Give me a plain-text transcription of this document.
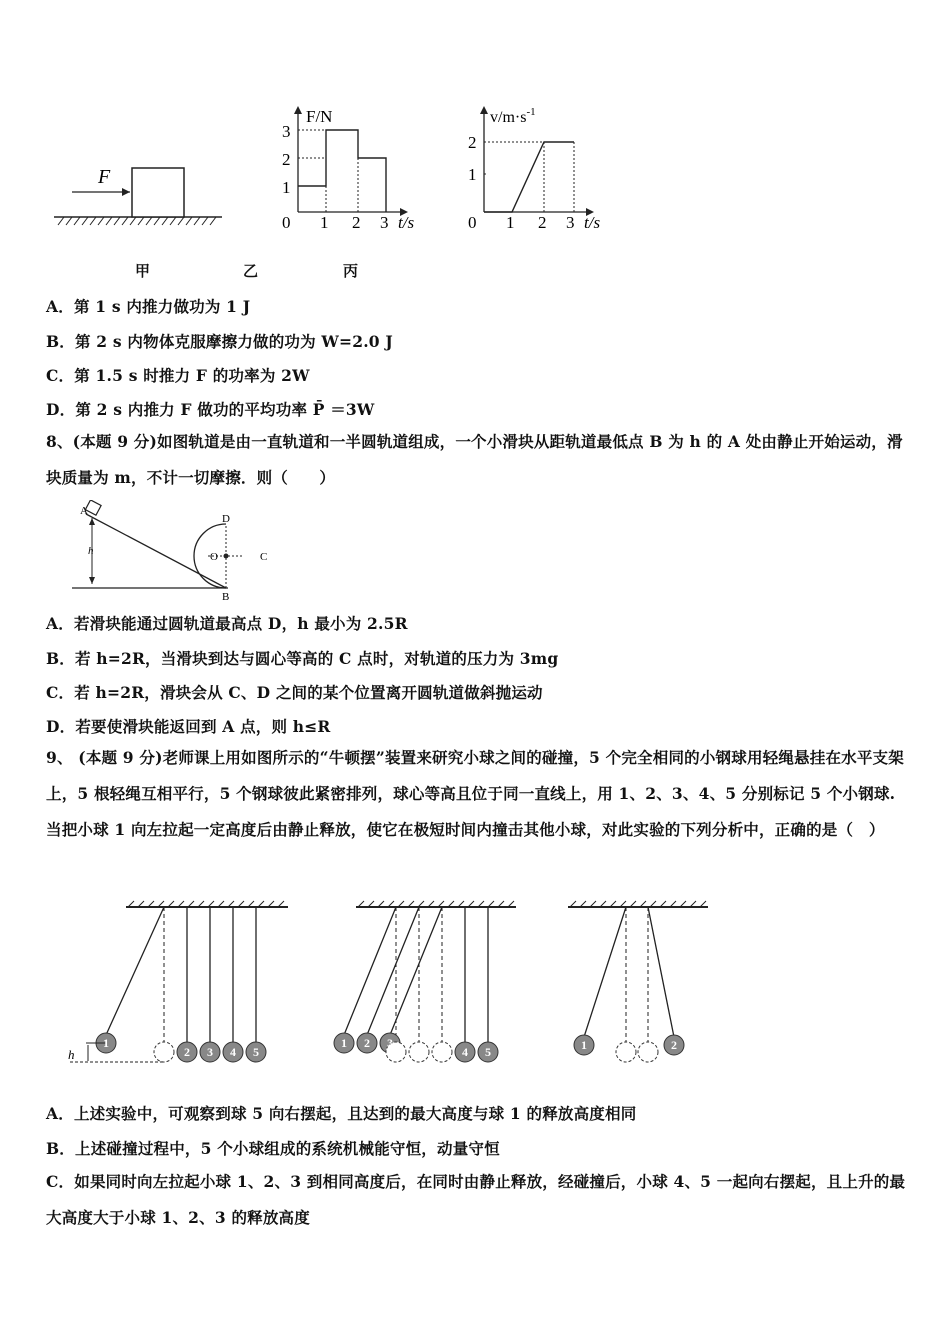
F
F/N
3
2
1
0 1 2 3 t/s
$v/m\cdot s^{-1}$
2
1
0 1 2 3 t/s
甲	乙	丙
A．第 1 s 内推力做功为 1 J
B．第 2 s 内物体克服摩擦力做的功为 W=2.0 J
C．第 1.5 s 时推力 F 的功率为 2W
D．第 2 s 内推力 F 做功的平均功率 P̄ ＝3W
8、(本题 9 分)如图轨道是由一直轨道和一半圆轨道组成，一个小滑块从距轨道最低点 B 为 h 的 A 处由静止开始运动，滑块质量为 m，不计一切摩擦．则（　　）
A
h
D
O	C
B
A．若滑块能通过圆轨道最高点 D，h 最小为 2.5R
B．若 h=2R，当滑块到达与圆心等高的 C 点时，对轨道的压力为 3mg
C．若 h=2R，滑块会从 C、D 之间的某个位置离开圆轨道做斜抛运动
D．若要使滑块能返回到 A 点，则 h≤R
9、 (本题 9 分)老师课上用如图所示的“牛顿摆”装置来研究小球之间的碰撞，5 个完全相同的小钢球用轻绳悬挂在水平支架上，5 根轻绳互相平行，5 个钢球彼此紧密排列，球心等高且位于同一直线上，用 1、2、3、4、5 分别标记 5 个小钢球. 当把小球 1 向左拉起一定高度后由静止释放，使它在极短时间内撞击其他小球，对此实验的下列分析中，正确的是（　）
h
1
2 3 4 5
1 2 3
4 5	1	2
A．上述实验中，可观察到球 5 向右摆起，且达到的最大高度与球 1 的释放高度相同
B．上述碰撞过程中，5 个小球组成的系统机械能守恒，动量守恒
C．如果同时向左拉起小球 1、2、3 到相同高度后，在同时由静止释放，经碰撞后，小球 4、5 一起向右摆起，且上升的最大高度大于小球 1、2、3 的释放高度
